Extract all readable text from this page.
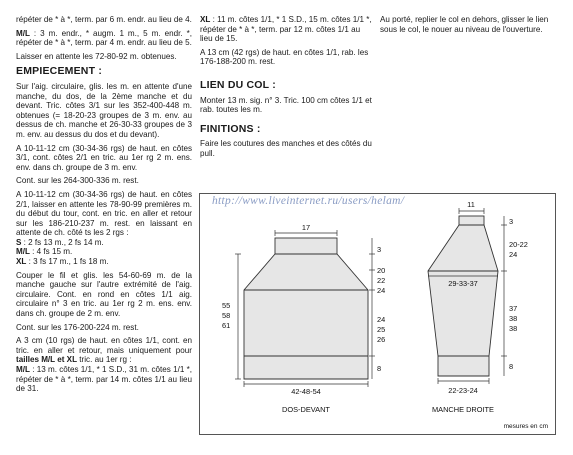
répéter de * à *, term. par 6 m. endr. au lieu de 4.

M/L : 3 m. endr., * augm. 1 m., 5 m. endr. *, répéter de * à *, term. par 4 m. endr. au lieu de 5.

Laisser en attente les 72-80-92 m. obtenues.

EMPIECEMENT :

Sur l'aig. circulaire, glis. les m. en attente d'une manche, du dos, de la 2ème manche et du devant. Tric. côtes 3/1 sur les 352-400-448 m. obtenues (= 18-20-23 groupes de 3 m. env. au dessus de ch. manche et 26-30-33 groupes de 3 m. env. au dessus du dos et du devant).

A 10-11-12 cm (30-34-36 rgs) de haut. en côtes 3/1, cont. côtes 2/1 en tric. au 1er rg 2 m. ens. env. dans ch. groupe de 3 m. env.

Cont. sur les 264-300-336 m. rest.

A 10-11-12 cm (30-34-36 rgs) de haut. en côtes 2/1, laisser en attente les 78-90-99 premières m. du début du tour, cont. en tric. en aller et retour sur les 186-210-237 m. rest. en laissant en attente de ch. côté ts les 2 rgs :

S : 2 fs 13 m., 2 fs 14 m.

M/L : 4 fs 15 m.

XL : 3 fs 17 m., 1 fs 18 m.

Couper le fil et glis. les 54-60-69 m. de la manche gauche sur l'autre extrémité de l'aig. circulaire. Cont. en rond en côtes 1/1 aig. circulaire n° 3 en tric. au 1er rg 2 m. ens. env. dans ch. groupe de 2 m. env.

Cont. sur les 176-200-224 m. rest.

A 3 cm (10 rgs) de haut. en côtes 1/1, cont. en tric. en aller et retour, mais uniquement pour tailles M/L et XL tric. au 1er rg :

M/L : 13 m. côtes 1/1, * 1 S.D., 31 m. côtes 1/1 *, répéter de * à *, term. par 14 m. côtes 1/1 au lieu de 31.

XL : 11 m. côtes 1/1, * 1 S.D., 15 m. côtes 1/1 *, répéter de * à *, term. par 12 m. côtes 1/1 au lieu de 15.

A 13 cm (42 rgs) de haut. en côtes 1/1, rab. les 176-188-200 m. rest.

LIEN DU COL :

Monter 13 m. sig. n° 3. Tric. 100 cm côtes 1/1 et rab. toutes les m.

FINITIONS :

Faire les coutures des manches et des côtés du pull.

Au porté, replier le col en dehors, glisser le lien sous le col, le nouer au niveau de l'ouverture.

17
3
20
22
24
24
25
26
8
55
58
61
42-48-54
DOS-DEVANT
11
3
20-22
24
29-33-37
37
38
38
8
22-23-24
MANCHE DROITE
mesures en cm
http://www.liveinternet.ru/users/helam/
